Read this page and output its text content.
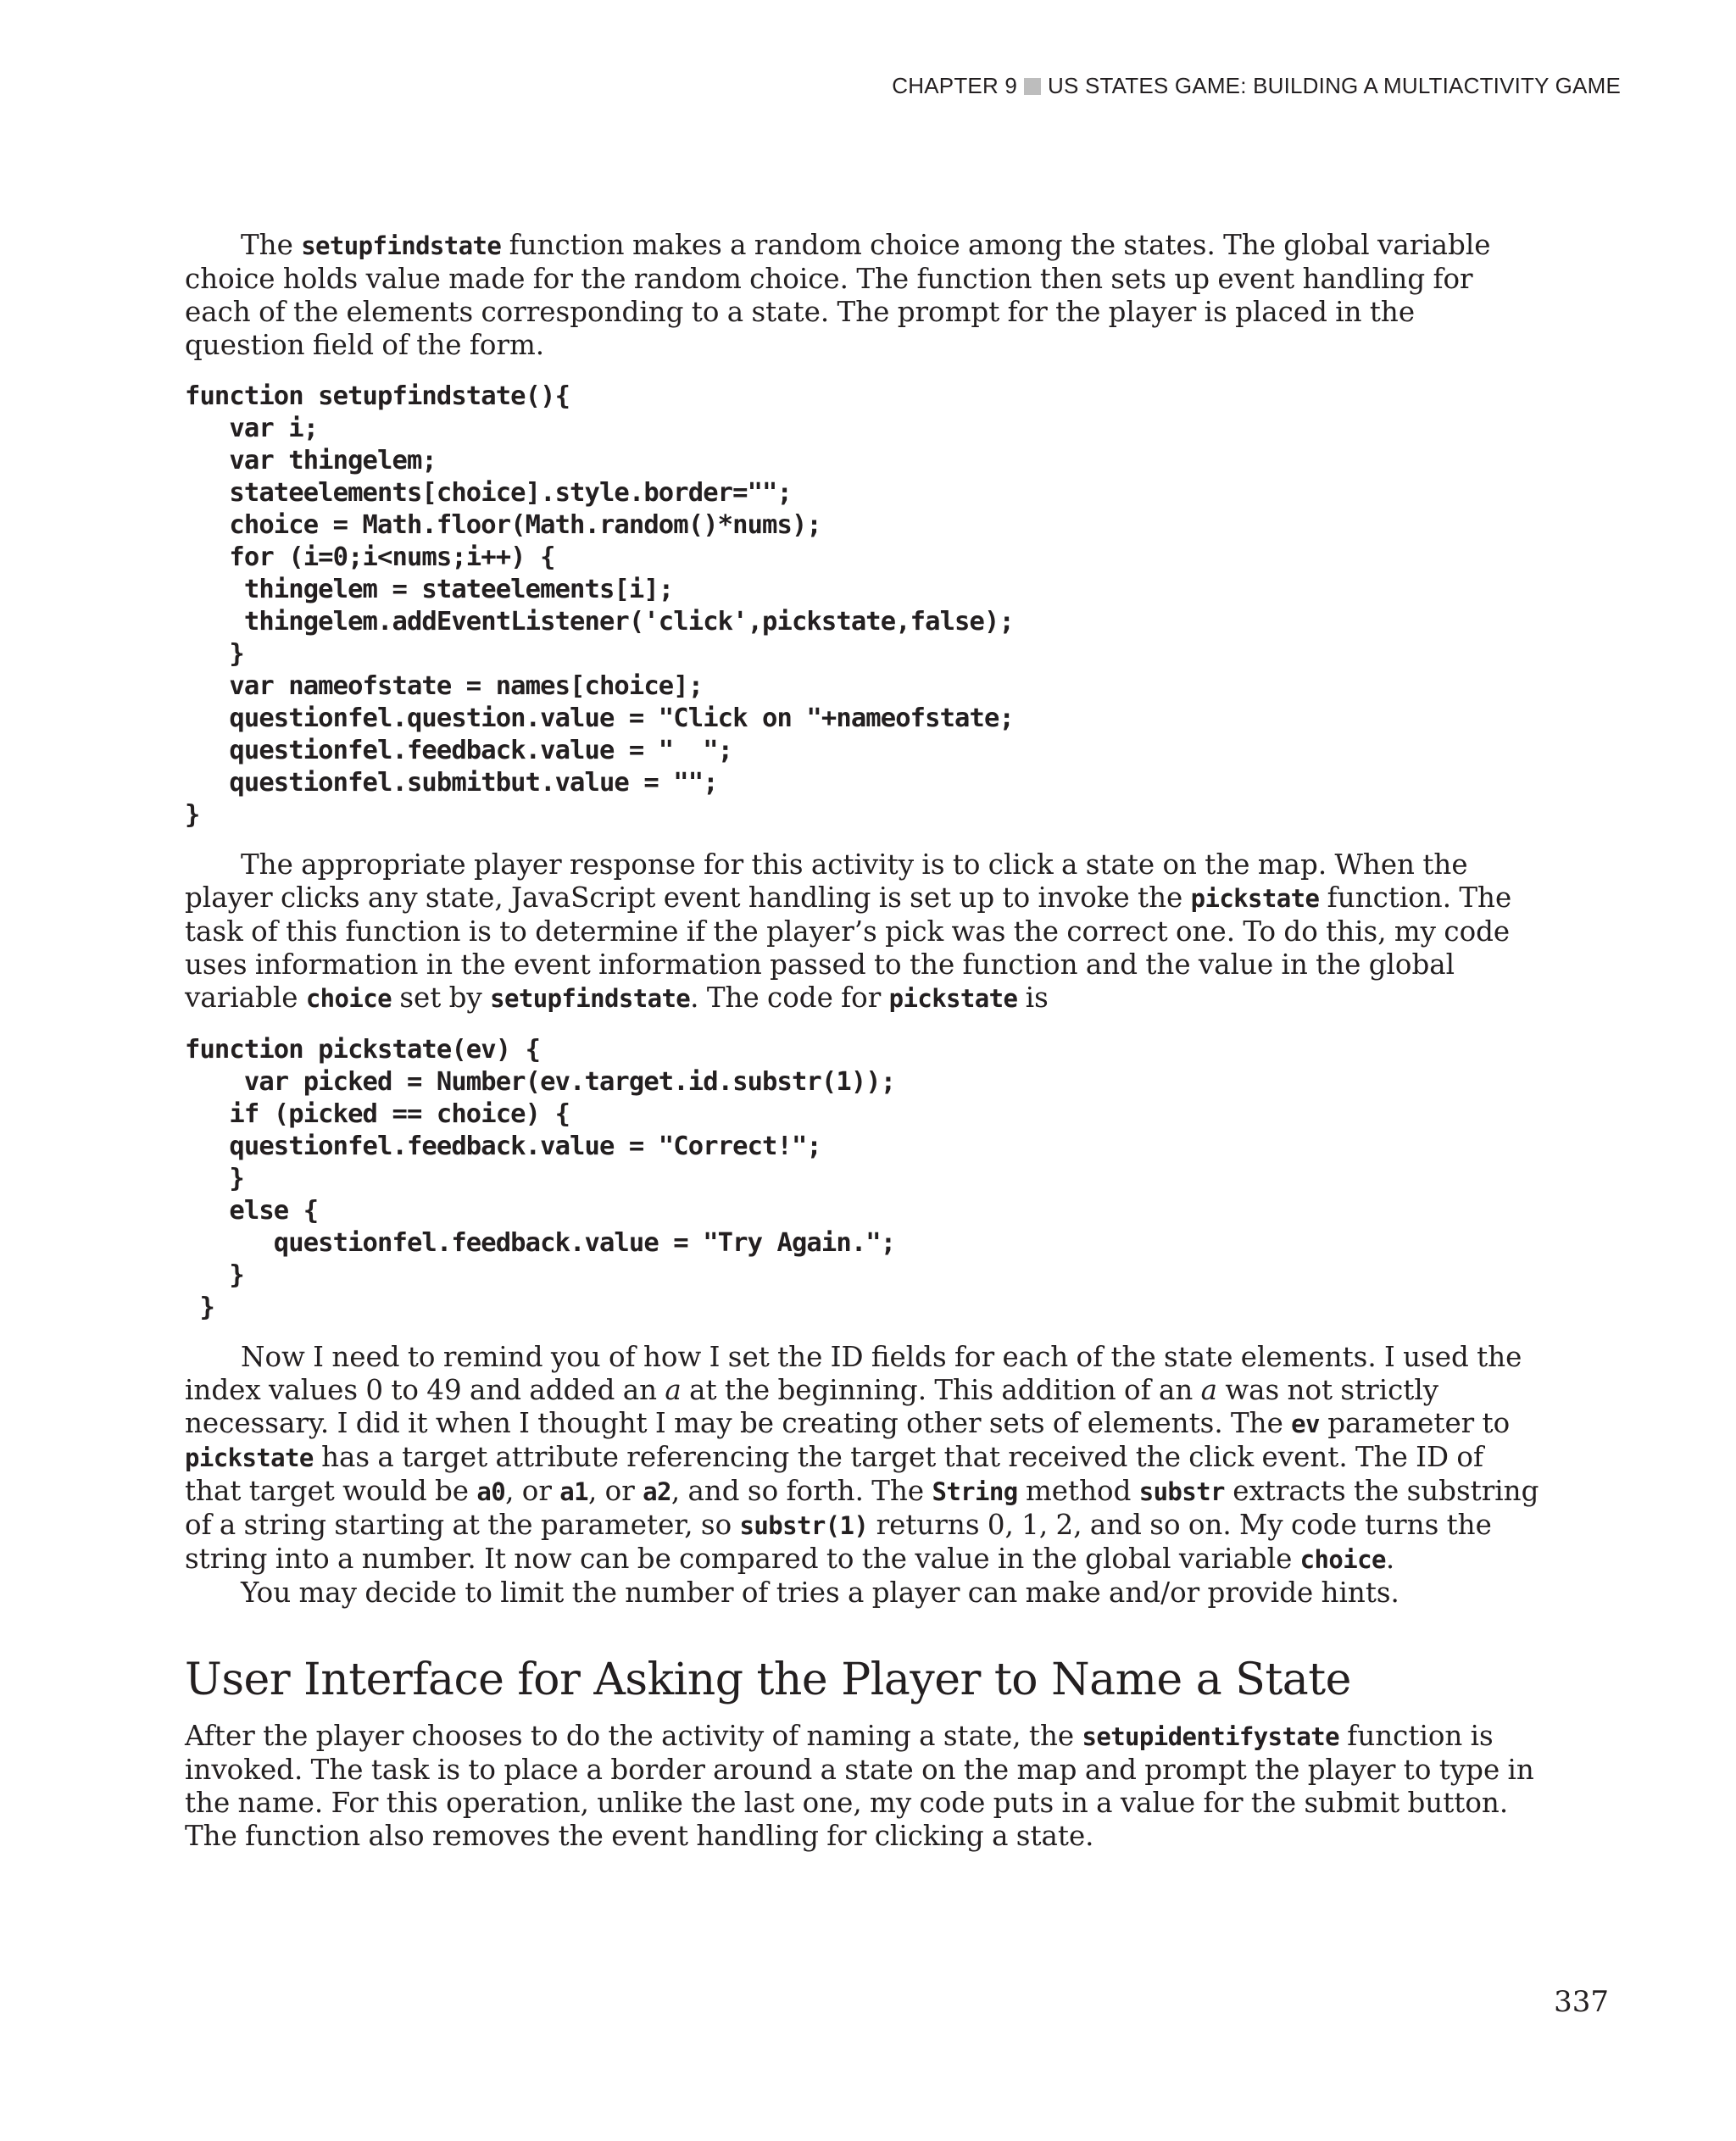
CHAPTER 9 US STATES GAME: BUILDING A MULTIACTIVITY GAME

The setupfindstate function makes a random choice among the states. The global variable choice holds value made for the random choice. The function then sets up event handling for each of the elements corresponding to a state. The prompt for the player is placed in the question field of the form.

function setupfindstate(){
var i;
var thingelem;
stateelements[choice].style.border="";
choice = Math.floor(Math.random()*nums);
for (i=0;i<nums;i++) {
thingelem = stateelements[i];
thingelem.addEventListener('click',pickstate,false);
}
var nameofstate = names[choice];
questionfel.question.value = "Click on "+nameofstate;
questionfel.feedback.value = "  ";
questionfel.submitbut.value = "";
}

The appropriate player response for this activity is to click a state on the map. When the player clicks any state, JavaScript event handling is set up to invoke the pickstate function. The task of this function is to determine if the player’s pick was the correct one. To do this, my code uses information in the event information passed to the function and the value in the global variable choice set by setupfindstate. The code for pickstate is

function pickstate(ev) {
var picked = Number(ev.target.id.substr(1));
if (picked == choice) {
questionfel.feedback.value = "Correct!";
}
else {
questionfel.feedback.value = "Try Again.";
}
}

Now I need to remind you of how I set the ID fields for each of the state elements. I used the index values 0 to 49 and added an a at the beginning. This addition of an a was not strictly necessary. I did it when I thought I may be creating other sets of elements. The ev parameter to pickstate has a target attribute referencing the target that received the click event. The ID of that target would be a0, or a1, or a2, and so forth. The String method substr extracts the substring of a string starting at the parameter, so substr(1) returns 0, 1, 2, and so on. My code turns the string into a number. It now can be compared to the value in the global variable choice.

You may decide to limit the number of tries a player can make and/or provide hints.

User Interface for Asking the Player to Name a State

After the player chooses to do the activity of naming a state, the setupidentifystate function is invoked. The task is to place a border around a state on the map and prompt the player to type in the name. For this operation, unlike the last one, my code puts in a value for the submit button. The function also removes the event handling for clicking a state.

337
